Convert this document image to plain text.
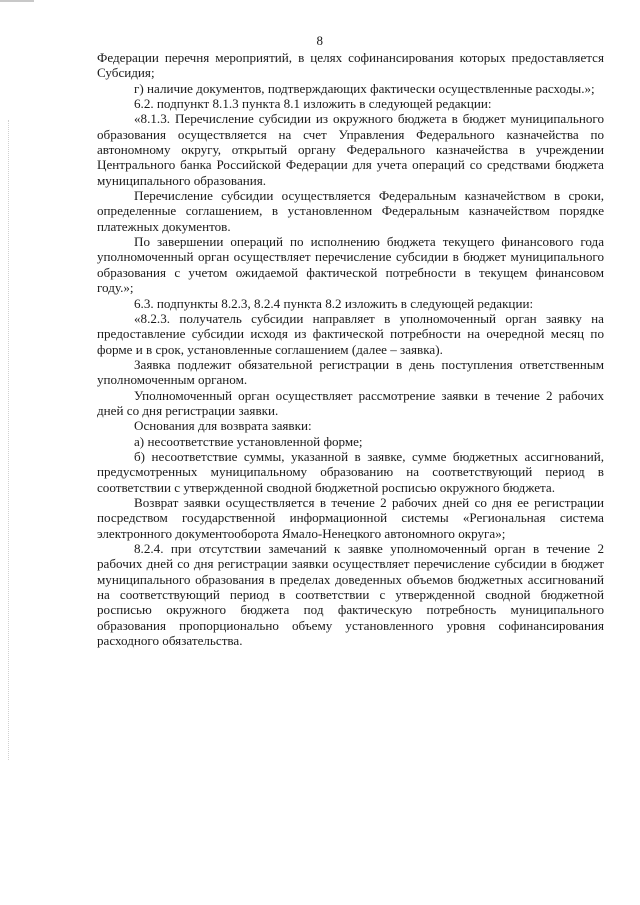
8

Федерации перечня мероприятий, в целях софинансирования которых предоставляется Субсидия;

г) наличие документов, подтверждающих фактически осуществленные расходы.»;

6.2. подпункт 8.1.3 пункта 8.1 изложить в следующей редакции:

«8.1.3. Перечисление субсидии из окружного бюджета в бюджет муниципального образования осуществляется на счет Управления Федерального казначейства по автономному округу, открытый органу Федерального казначейства в учреждении Центрального банка Российской Федерации для учета операций со средствами бюджета муниципального образования.

Перечисление субсидии осуществляется Федеральным казначейством в сроки, определенные соглашением, в установленном Федеральным казначейством порядке платежных документов.

По завершении операций по исполнению бюджета текущего финансового года уполномоченный орган осуществляет перечисление субсидии в бюджет муниципального образования с учетом ожидаемой фактической потребности в текущем финансовом году.»;

6.3. подпункты 8.2.3, 8.2.4 пункта 8.2 изложить в следующей редакции:

«8.2.3. получатель субсидии направляет в уполномоченный орган заявку на предоставление субсидии исходя из фактической потребности на очередной месяц по форме и в срок, установленные соглашением (далее – заявка).

Заявка подлежит обязательной регистрации в день поступления ответственным уполномоченным органом.

Уполномоченный орган осуществляет рассмотрение заявки в течение 2 рабочих дней со дня регистрации заявки.

Основания для возврата заявки:

а) несоответствие установленной форме;

б) несоответствие суммы, указанной в заявке, сумме бюджетных ассигнований, предусмотренных муниципальному образованию на соответствующий период в соответствии с утвержденной сводной бюджетной росписью окружного бюджета.

Возврат заявки осуществляется в течение 2 рабочих дней со дня ее регистрации посредством государственной информационной системы «Региональная система электронного документооборота Ямало-Ненецкого автономного округа»;

8.2.4. при отсутствии замечаний к заявке уполномоченный орган в течение 2 рабочих дней со дня регистрации заявки осуществляет перечисление субсидии в бюджет муниципального образования в пределах доведенных объемов бюджетных ассигнований на соответствующий период в соответствии с утвержденной сводной бюджетной росписью окружного бюджета под фактическую потребность муниципального образования пропорционально объему установленного уровня софинансирования расходного обязательства.
